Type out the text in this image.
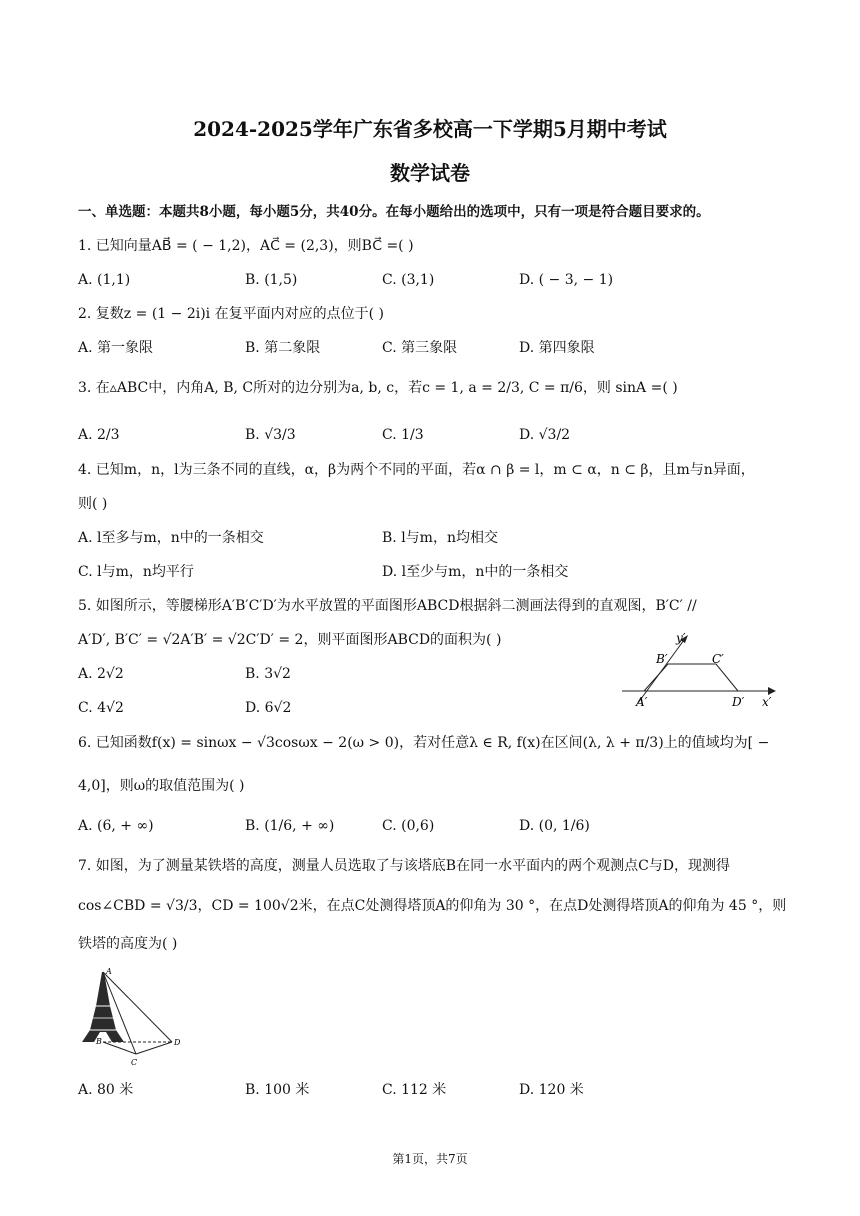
2024-2025学年广东省多校高一下学期5月期中考试
数学试卷
一、单选题：本题共8小题，每小题5分，共40分。在每小题给出的选项中，只有一项是符合题目要求的。
1. 已知向量AB⃗ = ( − 1,2)，AC⃗ = (2,3)，则BC⃗ =( )
A. (1,1)	B. (1,5)	C. (3,1)	D. ( − 3, − 1)
2. 复数z = (1 − 2i)i 在复平面内对应的点位于( )
A. 第一象限	B. 第二象限	C. 第三象限	D. 第四象限
3. 在▵ABC中，内角A, B, C所对的边分别为a, b, c，若c = 1, a = 2/3, C = π/6，则 sinA =( )
A. 2/3	B. √3/3	C. 1/3	D. √3/2
4. 已知m，n，l为三条不同的直线，α，β为两个不同的平面，若α ∩ β = l，m ⊂ α，n ⊂ β，且m与n异面，
则( )
A. l至多与m，n中的一条相交	B. l与m，n均相交
C. l与m，n均平行	D. l至少与m，n中的一条相交
5. 如图所示，等腰梯形A′B′C′D′为水平放置的平面图形ABCD根据斜二测画法得到的直观图，B′C′ //
A′D′, B′C′ = √2A′B′ = √2C′D′ = 2，则平面图形ABCD的面积为( )
A. 2√2	B. 3√2
C. 4√2	D. 6√2
y′
x′
A′
B′	C′
D′
6. 已知函数f(x) = sinωx − √3cosωx − 2(ω > 0)，若对任意λ ∈ R, f(x)在区间(λ, λ + π/3)上的值域均为[ −
4,0]，则ω的取值范围为( )
A. (6, + ∞)	B. (1/6, + ∞)	C. (0,6)	D. (0, 1/6)
7. 如图，为了测量某铁塔的高度，测量人员选取了与该塔底B在同一水平面内的两个观测点C与D，现测得
cos∠CBD = √3/3，CD = 100√2米，在点C处测得塔顶A的仰角为 30 °，在点D处测得塔顶A的仰角为 45 °，则
铁塔的高度为( )
A
B
C
D
A. 80 米	B. 100 米	C. 112 米	D. 120 米
第1页，共7页
